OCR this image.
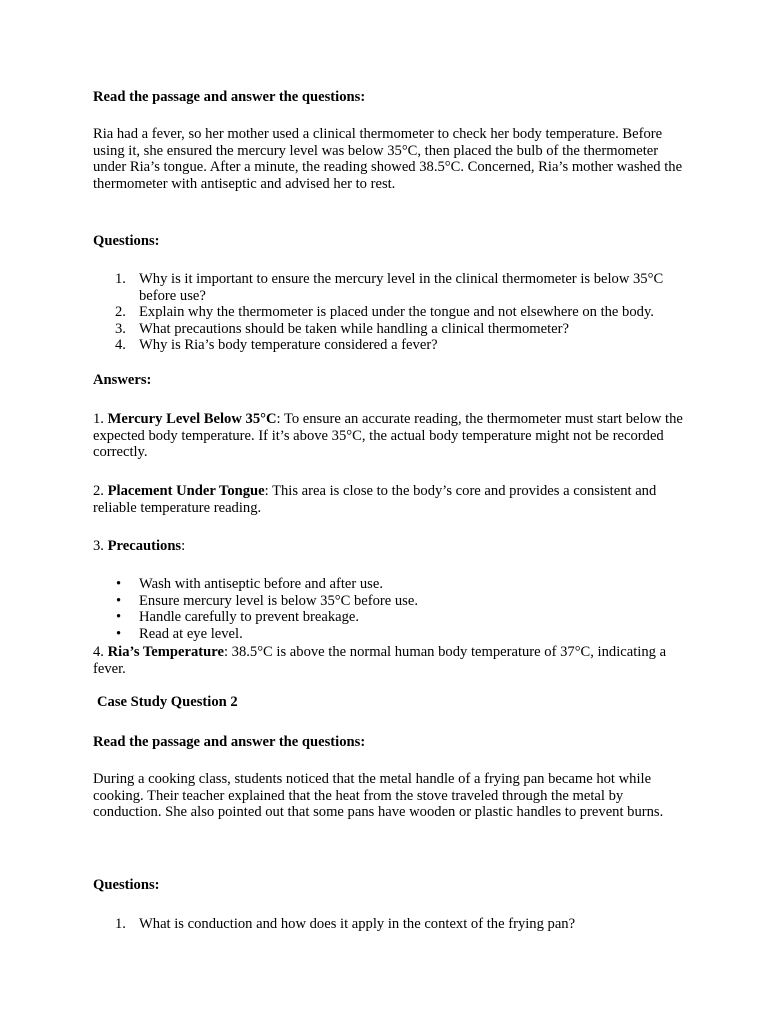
Read the passage and answer the questions:

Ria had a fever, so her mother used a clinical thermometer to check her body temperature. Before using it, she ensured the mercury level was below 35°C, then placed the bulb of the thermometer under Ria’s tongue. After a minute, the reading showed 38.5°C. Concerned, Ria’s mother washed the thermometer with antiseptic and advised her to rest.

Questions:

1. Why is it important to ensure the mercury level in the clinical thermometer is below 35°C before use?
2. Explain why the thermometer is placed under the tongue and not elsewhere on the body.
3. What precautions should be taken while handling a clinical thermometer?
4. Why is Ria’s body temperature considered a fever?

Answers:

1. Mercury Level Below 35°C: To ensure an accurate reading, the thermometer must start below the expected body temperature. If it’s above 35°C, the actual body temperature might not be recorded correctly.

2. Placement Under Tongue: This area is close to the body’s core and provides a consistent and reliable temperature reading.

3. Precautions:

• Wash with antiseptic before and after use.
• Ensure mercury level is below 35°C before use.
• Handle carefully to prevent breakage.
• Read at eye level.

4. Ria’s Temperature: 38.5°C is above the normal human body temperature of 37°C, indicating a fever.

Case Study Question 2

Read the passage and answer the questions:

During a cooking class, students noticed that the metal handle of a frying pan became hot while cooking. Their teacher explained that the heat from the stove traveled through the metal by conduction. She also pointed out that some pans have wooden or plastic handles to prevent burns.

Questions:

1. What is conduction and how does it apply in the context of the frying pan?
